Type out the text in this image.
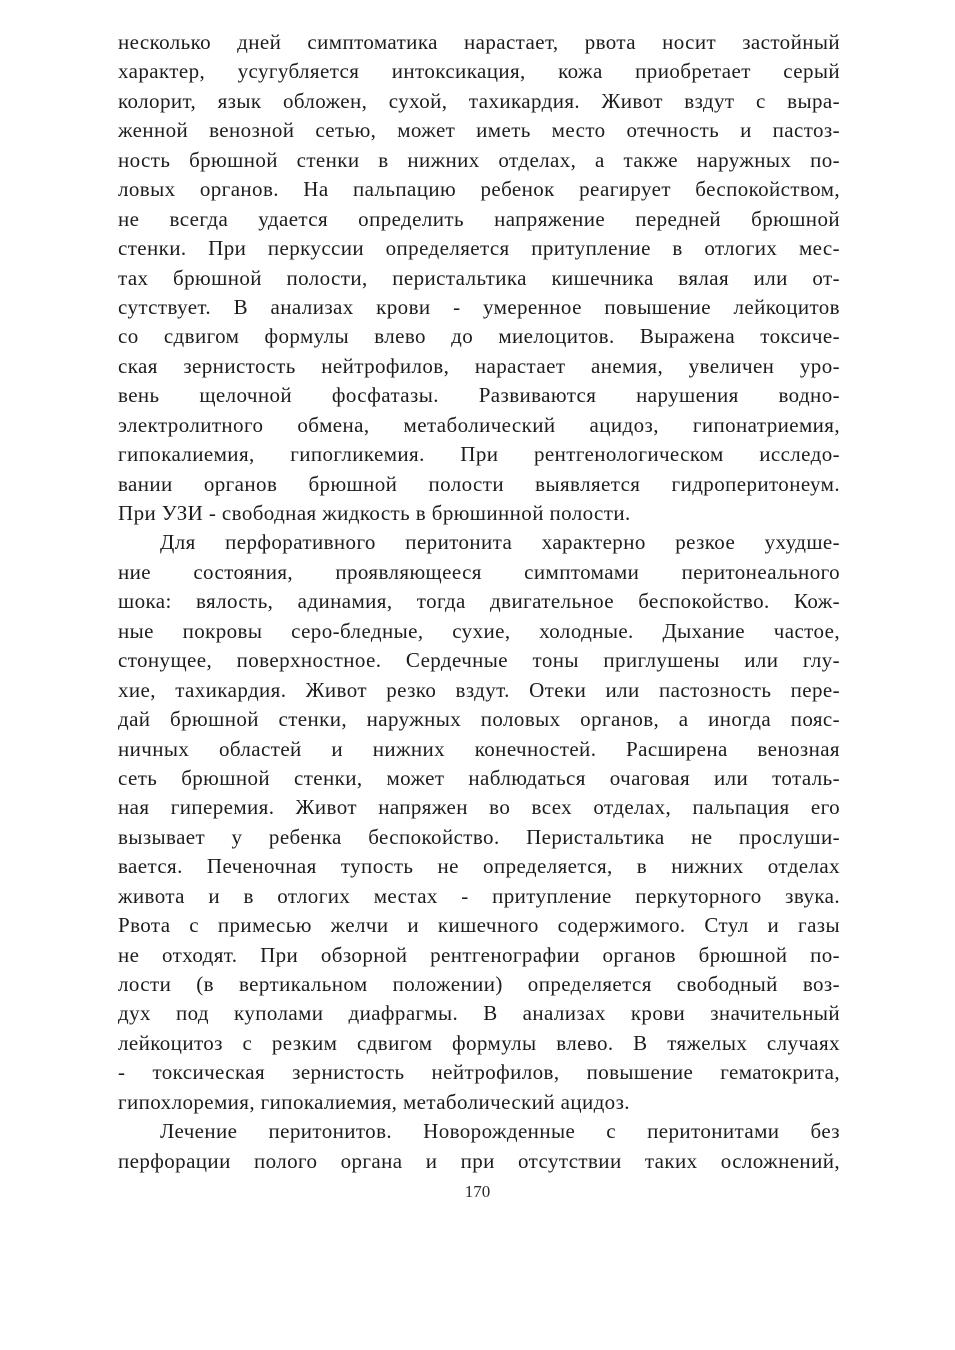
несколько дней симптоматика нарастает, рвота носит застойный
характер, усугубляется интоксикация, кожа приобретает серый
колорит, язык обложен, сухой, тахикардия. Живот вздут с выра-
женной венозной сетью, может иметь место отечность и пастоз-
ность брюшной стенки в нижних отделах, а также наружных по-
ловых органов. На пальпацию ребенок реагирует беспокойством,
не всегда удается определить напряжение передней брюшной
стенки. При перкуссии определяется притупление в отлогих мес-
тах брюшной полости, перистальтика кишечника вялая или от-
сутствует. В анализах крови - умеренное повышение лейкоцитов
со сдвигом формулы влево до миелоцитов. Выражена токсиче-
ская зернистость нейтрофилов, нарастает анемия, увеличен уро-
вень щелочной фосфатазы. Развиваются нарушения водно-
электролитного обмена, метаболический ацидоз, гипонатриемия,
гипокалиемия, гипогликемия. При рентгенологическом исследо-
вании органов брюшной полости выявляется гидроперитонеум.
При УЗИ - свободная жидкость в брюшинной полости.
Для перфоративного перитонита характерно резкое ухудше-
ние состояния, проявляющееся симптомами перитонеального
шока: вялость, адинамия, тогда двигательное беспокойство. Кож-
ные покровы серо-бледные, сухие, холодные. Дыхание частое,
стонущее, поверхностное. Сердечные тоны приглушены или глу-
хие, тахикардия. Живот резко вздут. Отеки или пастозность пере-
дай брюшной стенки, наружных половых органов, а иногда пояс-
ничных областей и нижних конечностей. Расширена венозная
сеть брюшной стенки, может наблюдаться очаговая или тоталь-
ная гиперемия. Живот напряжен во всех отделах, пальпация его
вызывает у ребенка беспокойство. Перистальтика не прослуши-
вается. Печеночная тупость не определяется, в нижних отделах
живота и в отлогих местах - притупление перкуторного звука.
Рвота с примесью желчи и кишечного содержимого. Стул и газы
не отходят. При обзорной рентгенографии органов брюшной по-
лости (в вертикальном положении) определяется свободный воз-
дух под куполами диафрагмы. В анализах крови значительный
лейкоцитоз с резким сдвигом формулы влево. В тяжелых случаях
- токсическая зернистость нейтрофилов, повышение гематокрита,
гипохлоремия, гипокалиемия, метаболический ацидоз.
Лечение перитонитов. Новорожденные с перитонитами без
перфорации полого органа и при отсутствии таких осложнений,
170
